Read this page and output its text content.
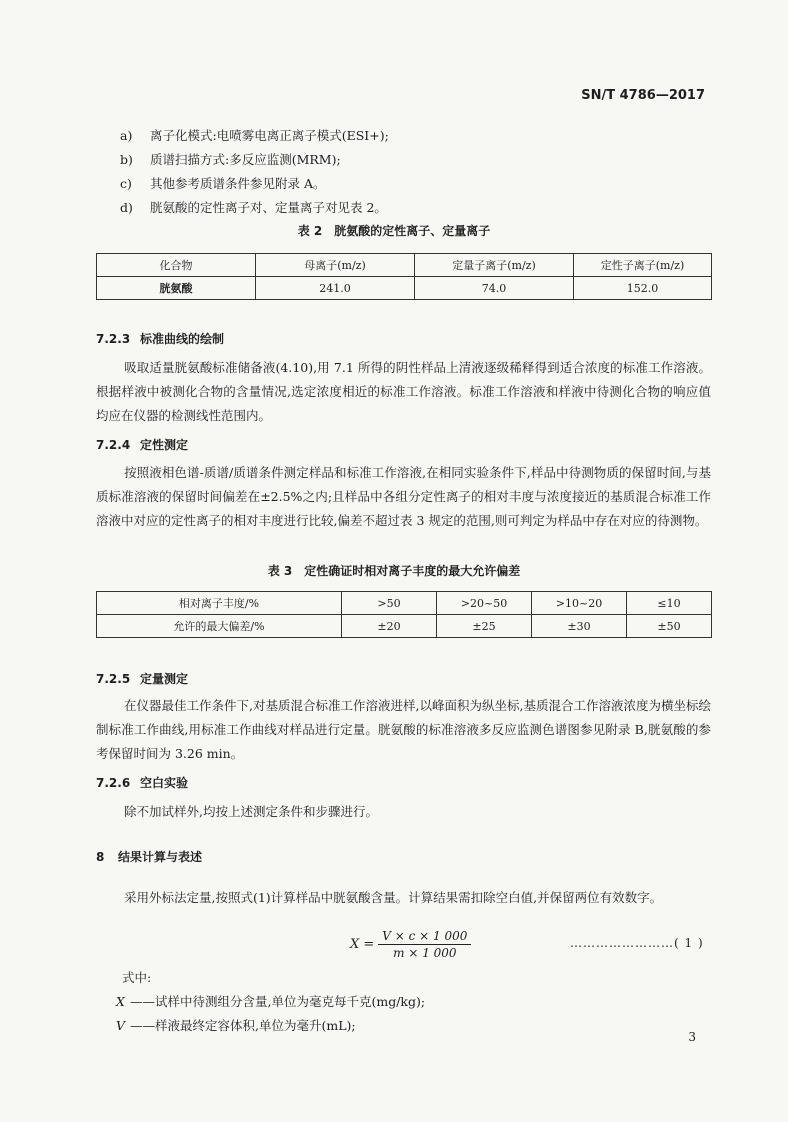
SN/T 4786—2017
a)	离子化模式:电喷雾电离正离子模式(ESI+);
b)	质谱扫描方式:多反应监测(MRM);
c)	其他参考质谱条件参见附录 A。
d)	胱氨酸的定性离子对、定量离子对见表 2。
表 2　胱氨酸的定性离子、定量离子
化合物	母离子(m/z)	定量子离子(m/z)	定性子离子(m/z)
胱氨酸	241.0	74.0	152.0
7.2.3 标准曲线的绘制
吸取适量胱氨酸标准储备液(4.10),用 7.1 所得的阴性样品上清液逐级稀释得到适合浓度的标准工作溶液。根据样液中被测化合物的含量情况,选定浓度相近的标准工作溶液。标准工作溶液和样液中待测化合物的响应值均应在仪器的检测线性范围内。
7.2.4 定性测定
按照液相色谱-质谱/质谱条件测定样品和标准工作溶液,在相同实验条件下,样品中待测物质的保留时间,与基质标准溶液的保留时间偏差在±2.5%之内;且样品中各组分定性离子的相对丰度与浓度接近的基质混合标准工作溶液中对应的定性离子的相对丰度进行比较,偏差不超过表 3 规定的范围,则可判定为样品中存在对应的待测物。
表 3　定性确证时相对离子丰度的最大允许偏差
相对离子丰度/%	>50	>20~50	>10~20	≤10
允许的最大偏差/%	±20	±25	±30	±50
7.2.5 定量测定
在仪器最佳工作条件下,对基质混合标准工作溶液进样,以峰面积为纵坐标,基质混合工作溶液浓度为横坐标绘制标准工作曲线,用标准工作曲线对样品进行定量。胱氨酸的标准溶液多反应监测色谱图参见附录 B,胱氨酸的参考保留时间为 3.26 min。
7.2.6 空白实验
除不加试样外,均按上述测定条件和步骤进行。
8 结果计算与表述
采用外标法定量,按照式(1)计算样品中胱氨酸含量。计算结果需扣除空白值,并保留两位有效数字。
$X = \frac{V \times c \times 1 000}{m \times 1 000}$	……………………( 1 )
式中:
X ——试样中待测组分含量,单位为毫克每千克(mg/kg);
V ——样液最终定容体积,单位为毫升(mL);
3
